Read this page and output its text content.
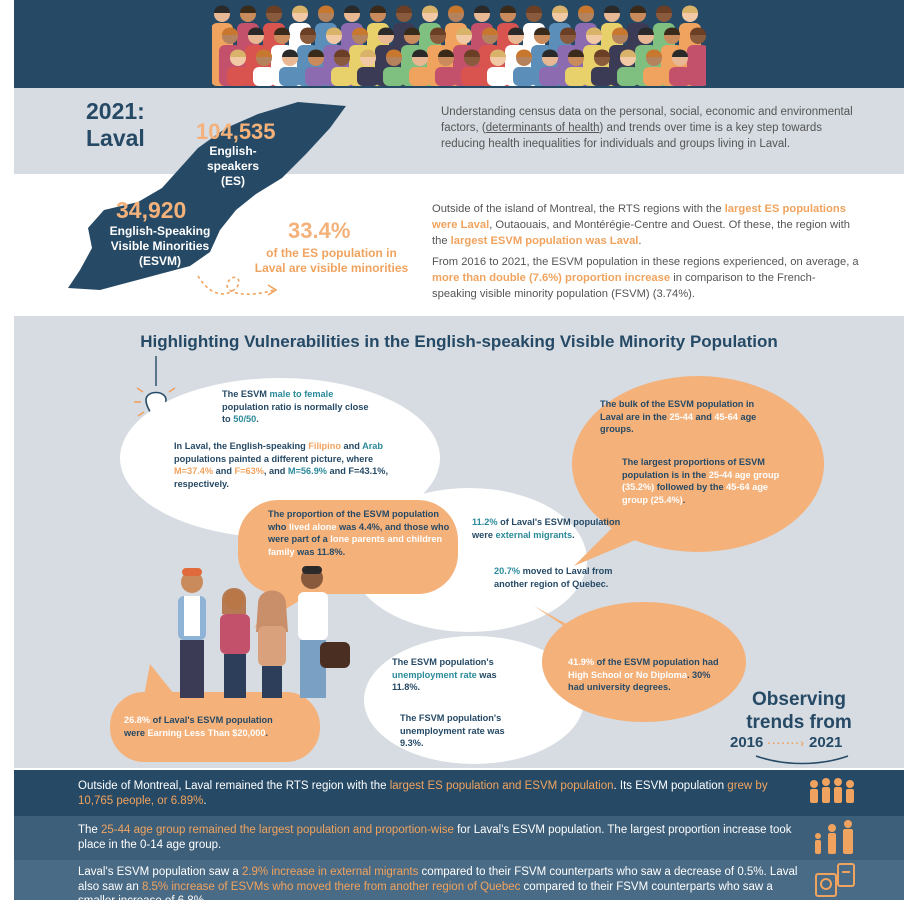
2021:
Laval	104,535
English-speakers (ES)
34,920
English-Speaking Visible Minorities (ESVM)
33.4%
of the ES population in Laval are visible minorities
Understanding census data on the personal, social, economic and environmental factors, (determinants of health) and trends over time is a key step towards reducing health inequalities for individuals and groups living in Laval.
Outside of the island of Montreal, the RTS regions with the largest ES populations were Laval, Outaouais, and Montérégie-Centre and Ouest. Of these, the region with the largest ESVM population was Laval.
From 2016 to 2021, the ESVM population in these regions experienced, on average, a more than double (7.6%) proportion increase in comparison to the French-speaking visible minority population (FSVM) (3.74%).
Highlighting Vulnerabilities in the English-speaking Visible Minority Population
The ESVM male to female population ratio is normally close to 50/50.
In Laval, the English-speaking Filipino and Arab populations painted a different picture, where M=37.4% and F=63%, and M=56.9% and F=43.1%, respectively.
The bulk of the ESVM population in Laval are in the 25-44 and 45-64 age groups.
The largest proportions of ESVM population is in the 25-44 age group (35.2%) followed by the 45-64 age group (25.4%).
The proportion of the ESVM population who lived alone was 4.4%, and those who were part of a lone parents and children family was 11.8%.
11.2% of Laval's ESVM population were external migrants.
20.7% moved to Laval from another region of Quebec.
The ESVM population's unemployment rate was 11.8%.
The FSVM population's unemployment rate was 9.3%.
41.9% of the ESVM population had High School or No Diploma. 30% had university degrees.
26.8% of Laval's ESVM population were Earning Less Than $20,000.
Observing trends from
2016 ·······› 2021
Outside of Montreal, Laval remained the RTS region with the largest ES population and ESVM population. Its ESVM population grew by 10,765 people, or 6.89%.
The 25-44 age group remained the largest population and proportion-wise for Laval's ESVM population. The largest proportion increase took place in the 0-14 age group.
Laval's ESVM population saw a 2.9% increase in external migrants compared to their FSVM counterparts who saw a decrease of 0.5%. Laval also saw an 8.5% increase of ESVMs who moved there from another region of Quebec compared to their FSVM counterparts who saw a smaller increase of 6.8%.
